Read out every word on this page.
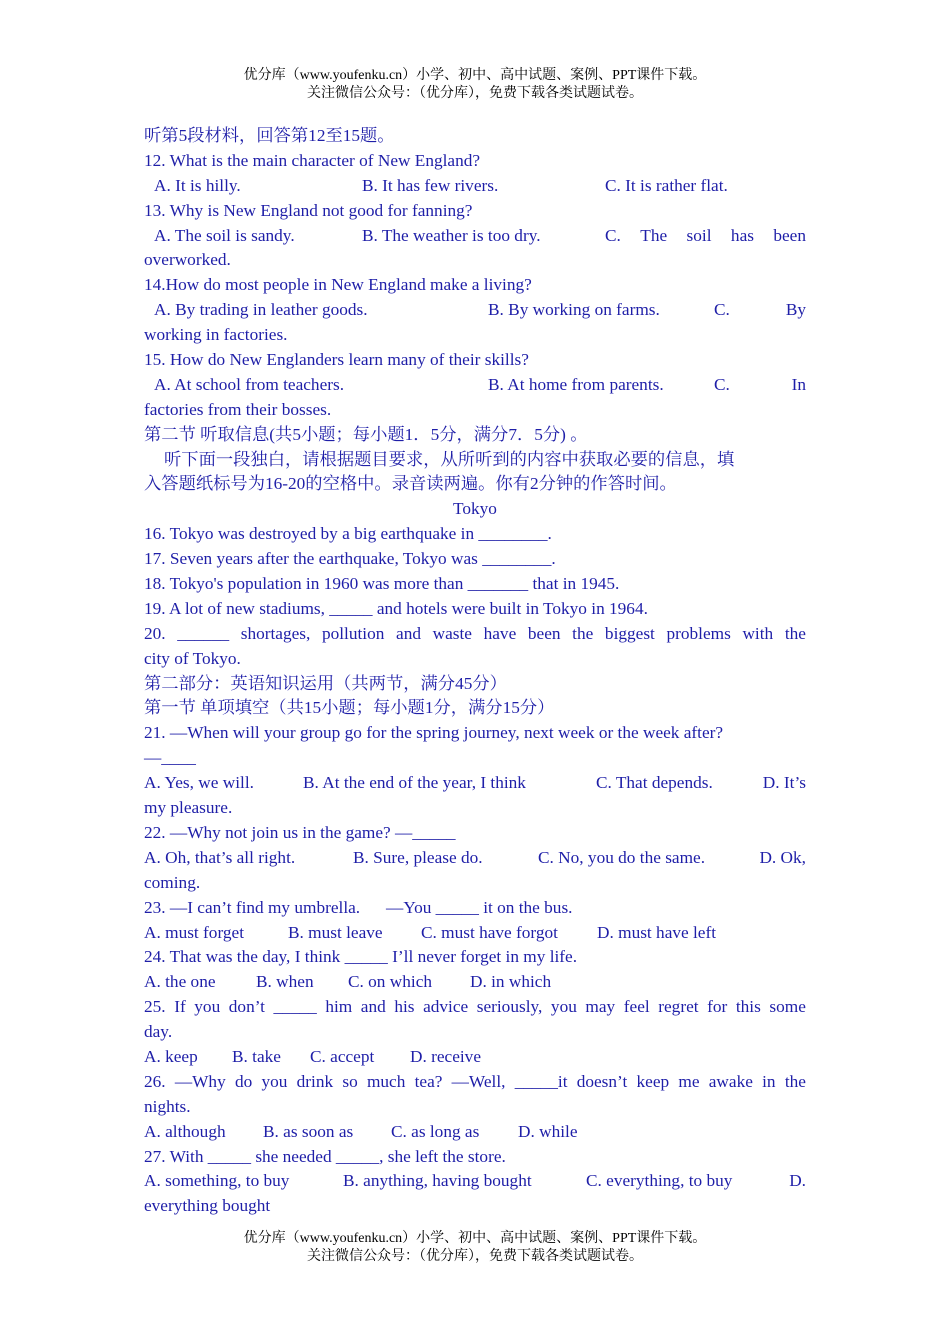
优分库（www.youfenku.cn）小学、初中、高中试题、案例、PPT课件下载。
关注微信公众号：（优分库），免费下载各类试题试卷。
听第5段材料，回答第12至15题。
12. What is the main character of New England?
A. It is hilly.	B. It has few rivers.	C. It is rather flat.
13. Why is New England not good for fanning?
A. The soil is sandy.	B. The weather is too dry.	C. The soil has been
overworked.
14.How do most people in New England make a living?
A. By trading in leather goods.	B. By working on farms.	C.	By
working in factories.
15. How do New Englanders learn many of their skills?
A. At school from teachers.	B. At home from parents.	C.	In
factories from their bosses.
第二节 听取信息(共5小题；每小题1．5分，满分7．5分) 。
听下面一段独白，请根据题目要求，从所听到的内容中获取必要的信息，填
入答题纸标号为16-20的空格中。录音读两遍。你有2分钟的作答时间。
Tokyo
16. Tokyo was destroyed by a big earthquake in ________.
17. Seven years after the earthquake, Tokyo was ________.
18. Tokyo's population in 1960 was more than _______ that in 1945.
19. A lot of new stadiums, _____ and hotels were built in Tokyo in 1964.
20. ______ shortages, pollution and waste have been the biggest problems with the
city of Tokyo.
第二部分：英语知识运用（共两节，满分45分）
第一节 单项填空（共15小题；每小题1分，满分15分）
21. —When will your group go for the spring journey, next week or the week after?
—____
A. Yes, we will.	B. At the end of the year, I think	C. That depends.	D. It’s
my pleasure.
22. —Why not join us in the game? —_____
A. Oh, that’s all right.	B. Sure, please do.	C. No, you do the same.	D. Ok,
coming.
23. —I can’t find my umbrella.      —You _____ it on the bus.
A. must forget	B. must leave C. must have forgot D. must have left
24. That was the day, I think _____ I’ll never forget in my life.
A. the one B. when C. on which D. in which
25. If you don’t _____ him and his advice seriously, you may feel regret for this some
day.
A. keep B. take C. accept D. receive
26. —Why do you drink so much tea? —Well, _____it doesn’t keep me awake in the
nights.
A. although B. as soon as C. as long as D. while
27. With _____ she needed _____, she left the store.
A. something, to buy	B. anything, having bought	C. everything, to buy	D.
everything bought
优分库（www.youfenku.cn）小学、初中、高中试题、案例、PPT课件下载。
关注微信公众号：（优分库），免费下载各类试题试卷。
